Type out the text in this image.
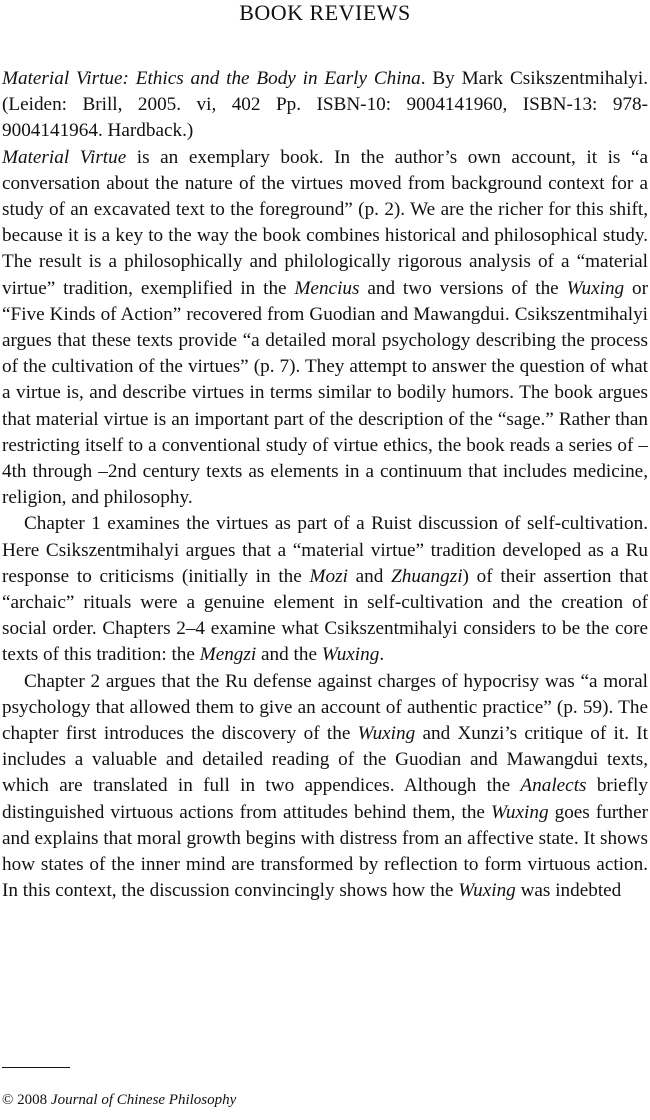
BOOK REVIEWS

Material Virtue: Ethics and the Body in Early China. By Mark Csikszentmihalyi. (Leiden: Brill, 2005. vi, 402 Pp. ISBN-10: 9004141960, ISBN-13: 978-9004141964. Hardback.)

Material Virtue is an exemplary book. In the author’s own account, it is “a conversation about the nature of the virtues moved from background context for a study of an excavated text to the foreground” (p. 2). We are the richer for this shift, because it is a key to the way the book combines historical and philosophical study. The result is a philosophically and philologically rigorous analysis of a “material virtue” tradition, exemplified in the Mencius and two versions of the Wuxing or “Five Kinds of Action” recovered from Guodian and Mawangdui. Csikszentmihalyi argues that these texts provide “a detailed moral psychology describing the process of the cultivation of the virtues” (p. 7). They attempt to answer the question of what a virtue is, and describe virtues in terms similar to bodily humors. The book argues that material virtue is an important part of the description of the “sage.” Rather than restricting itself to a conventional study of virtue ethics, the book reads a series of –4th through –2nd century texts as elements in a continuum that includes medicine, religion, and philosophy.

Chapter 1 examines the virtues as part of a Ruist discussion of self-cultivation. Here Csikszentmihalyi argues that a “material virtue” tradition developed as a Ru response to criticisms (initially in the Mozi and Zhuangzi) of their assertion that “archaic” rituals were a genuine element in self-cultivation and the creation of social order. Chapters 2–4 examine what Csikszentmihalyi considers to be the core texts of this tradition: the Mengzi and the Wuxing.

Chapter 2 argues that the Ru defense against charges of hypocrisy was “a moral psychology that allowed them to give an account of authentic practice” (p. 59). The chapter first introduces the discovery of the Wuxing and Xunzi’s critique of it. It includes a valuable and detailed reading of the Guodian and Mawangdui texts, which are translated in full in two appendices. Although the Analects briefly distinguished virtuous actions from attitudes behind them, the Wuxing goes further and explains that moral growth begins with distress from an affective state. It shows how states of the inner mind are transformed by reflection to form virtuous action. In this context, the discussion convincingly shows how the Wuxing was indebted

© 2008 Journal of Chinese Philosophy
